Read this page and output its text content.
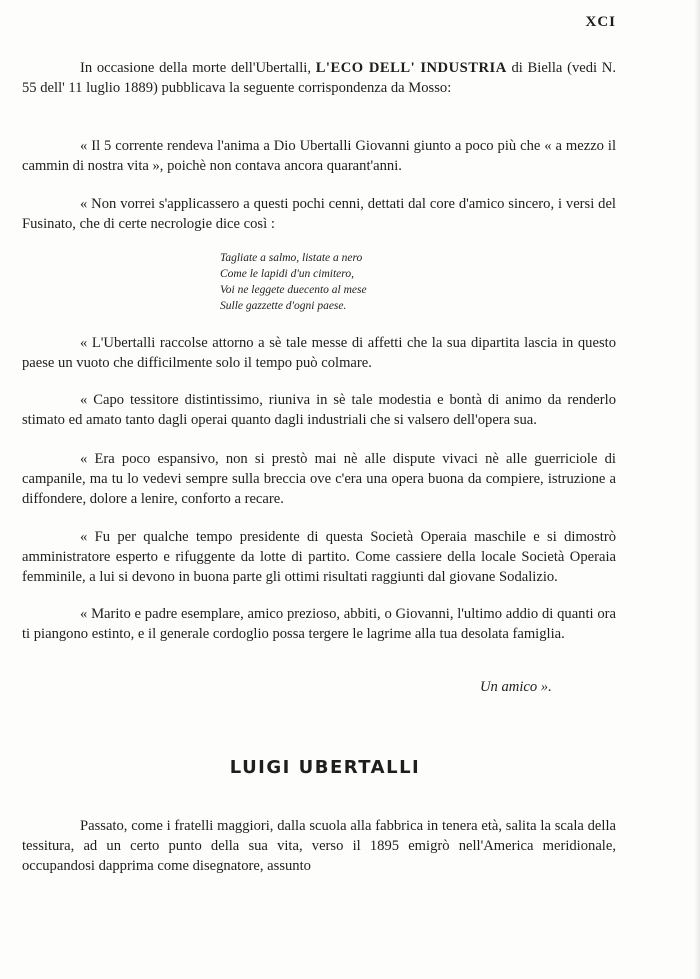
XCI

In occasione della morte dell'Ubertalli, L'ECO DELL' INDUSTRIA di Biella (vedi N. 55 dell' 11 luglio 1889) pubblicava la seguente corrispondenza da Mosso:

« Il 5 corrente rendeva l'anima a Dio Ubertalli Giovanni giunto a poco più che « a mezzo il cammin di nostra vita », poichè non contava ancora quarant'anni.

« Non vorrei s'applicassero a questi pochi cenni, dettati dal core d'amico sincero, i versi del Fusinato, che di certe necrologie dice così :

Tagliate a salmo, listate a nero
Come le lapidi d'un cimitero,
Voi ne leggete duecento al mese
Sulle gazzette d'ogni paese.

« L'Ubertalli raccolse attorno a sè tale messe di affetti che la sua dipartita lascia in questo paese un vuoto che difficilmente solo il tempo può colmare.

« Capo tessitore distintissimo, riuniva in sè tale modestia e bontà di animo da renderlo stimato ed amato tanto dagli operai quanto dagli industriali che si valsero dell'opera sua.

« Era poco espansivo, non si prestò mai nè alle dispute vivaci nè alle guerriciole di campanile, ma tu lo vedevi sempre sulla breccia ove c'era una opera buona da compiere, istruzione a diffondere, dolore a lenire, conforto a recare.

« Fu per qualche tempo presidente di questa Società Operaia maschile e si dimostrò amministratore esperto e rifuggente da lotte di partito. Come cassiere della locale Società Operaia femminile, a lui si devono in buona parte gli ottimi risultati raggiunti dal giovane Sodalizio.

« Marito e padre esemplare, amico prezioso, abbiti, o Giovanni, l'ultimo addio di quanti ora ti piangono estinto, e il generale cordoglio possa tergere le lagrime alla tua desolata famiglia.

Un amico ».
LUIGI UBERTALLI

Passato, come i fratelli maggiori, dalla scuola alla fabbrica in tenera età, salita la scala della tessitura, ad un certo punto della sua vita, verso il 1895 emigrò nell'America meridionale, occupandosi dapprima come disegnatore, assunto
